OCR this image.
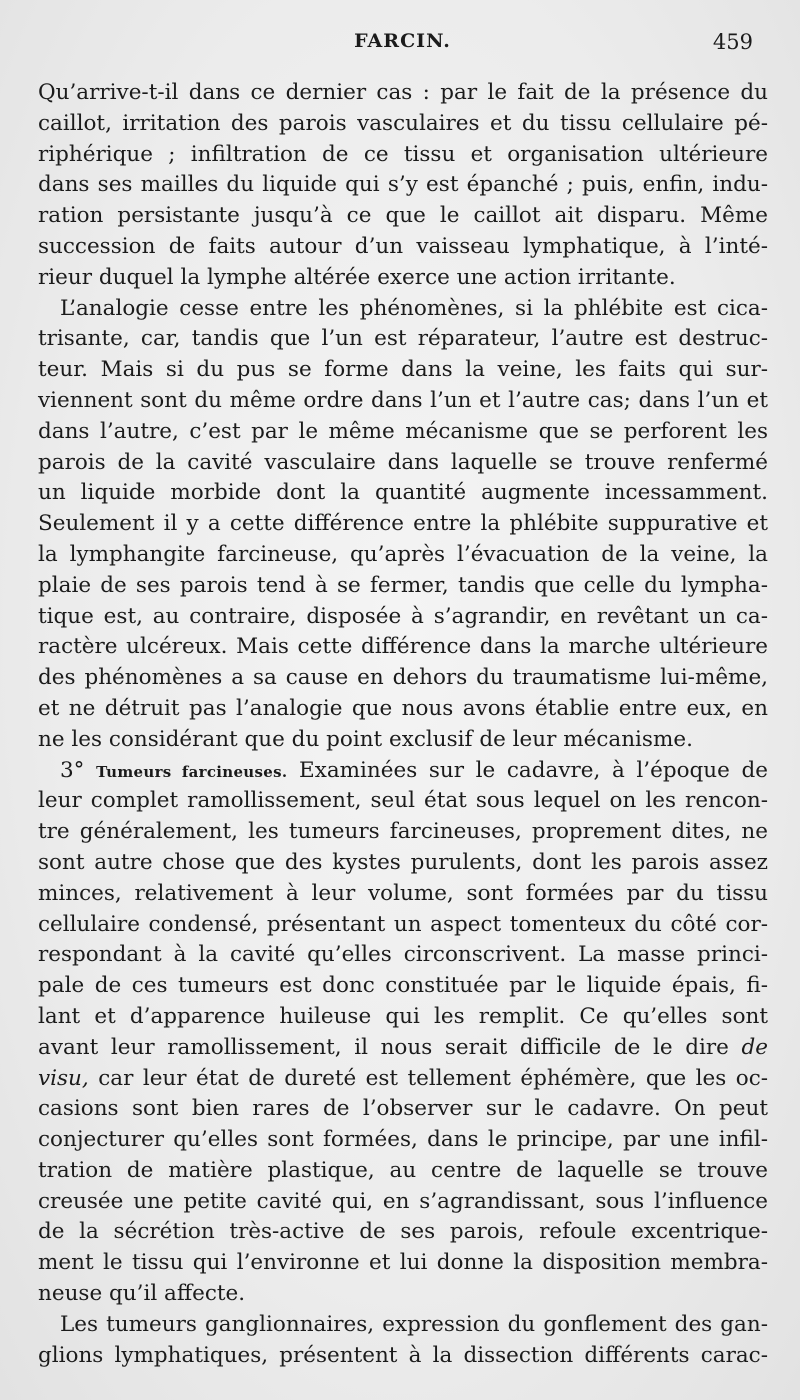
FARCIN.	459
Qu’arrive-t-il dans ce dernier cas : par le fait de la présence du
caillot, irritation des parois vasculaires et du tissu cellulaire pé-
riphérique ; infiltration de ce tissu et organisation ultérieure
dans ses mailles du liquide qui s’y est épanché ; puis, enfin, indu-
ration persistante jusqu’à ce que le caillot ait disparu. Même
succession de faits autour d’un vaisseau lymphatique, à l’inté-
rieur duquel la lymphe altérée exerce une action irritante.
L’analogie cesse entre les phénomènes, si la phlébite est cica-
trisante, car, tandis que l’un est réparateur, l’autre est destruc-
teur. Mais si du pus se forme dans la veine, les faits qui sur-
viennent sont du même ordre dans l’un et l’autre cas; dans l’un et
dans l’autre, c’est par le même mécanisme que se perforent les
parois de la cavité vasculaire dans laquelle se trouve renfermé
un liquide morbide dont la quantité augmente incessamment.
Seulement il y a cette différence entre la phlébite suppurative et
la lymphangite farcineuse, qu’après l’évacuation de la veine, la
plaie de ses parois tend à se fermer, tandis que celle du lympha-
tique est, au contraire, disposée à s’agrandir, en revêtant un ca-
ractère ulcéreux. Mais cette différence dans la marche ultérieure
des phénomènes a sa cause en dehors du traumatisme lui-même,
et ne détruit pas l’analogie que nous avons établie entre eux, en
ne les considérant que du point exclusif de leur mécanisme.
3° Tumeurs farcineuses. Examinées sur le cadavre, à l’époque de
leur complet ramollissement, seul état sous lequel on les rencon-
tre généralement, les tumeurs farcineuses, proprement dites, ne
sont autre chose que des kystes purulents, dont les parois assez
minces, relativement à leur volume, sont formées par du tissu
cellulaire condensé, présentant un aspect tomenteux du côté cor-
respondant à la cavité qu’elles circonscrivent. La masse princi-
pale de ces tumeurs est donc constituée par le liquide épais, fi-
lant et d’apparence huileuse qui les remplit. Ce qu’elles sont
avant leur ramollissement, il nous serait difficile de le dire de
visu, car leur état de dureté est tellement éphémère, que les oc-
casions sont bien rares de l’observer sur le cadavre. On peut
conjecturer qu’elles sont formées, dans le principe, par une infil-
tration de matière plastique, au centre de laquelle se trouve
creusée une petite cavité qui, en s’agrandissant, sous l’influence
de la sécrétion très-active de ses parois, refoule excentrique-
ment le tissu qui l’environne et lui donne la disposition membra-
neuse qu’il affecte.
Les tumeurs ganglionnaires, expression du gonflement des gan-
glions lymphatiques, présentent à la dissection différents carac-
